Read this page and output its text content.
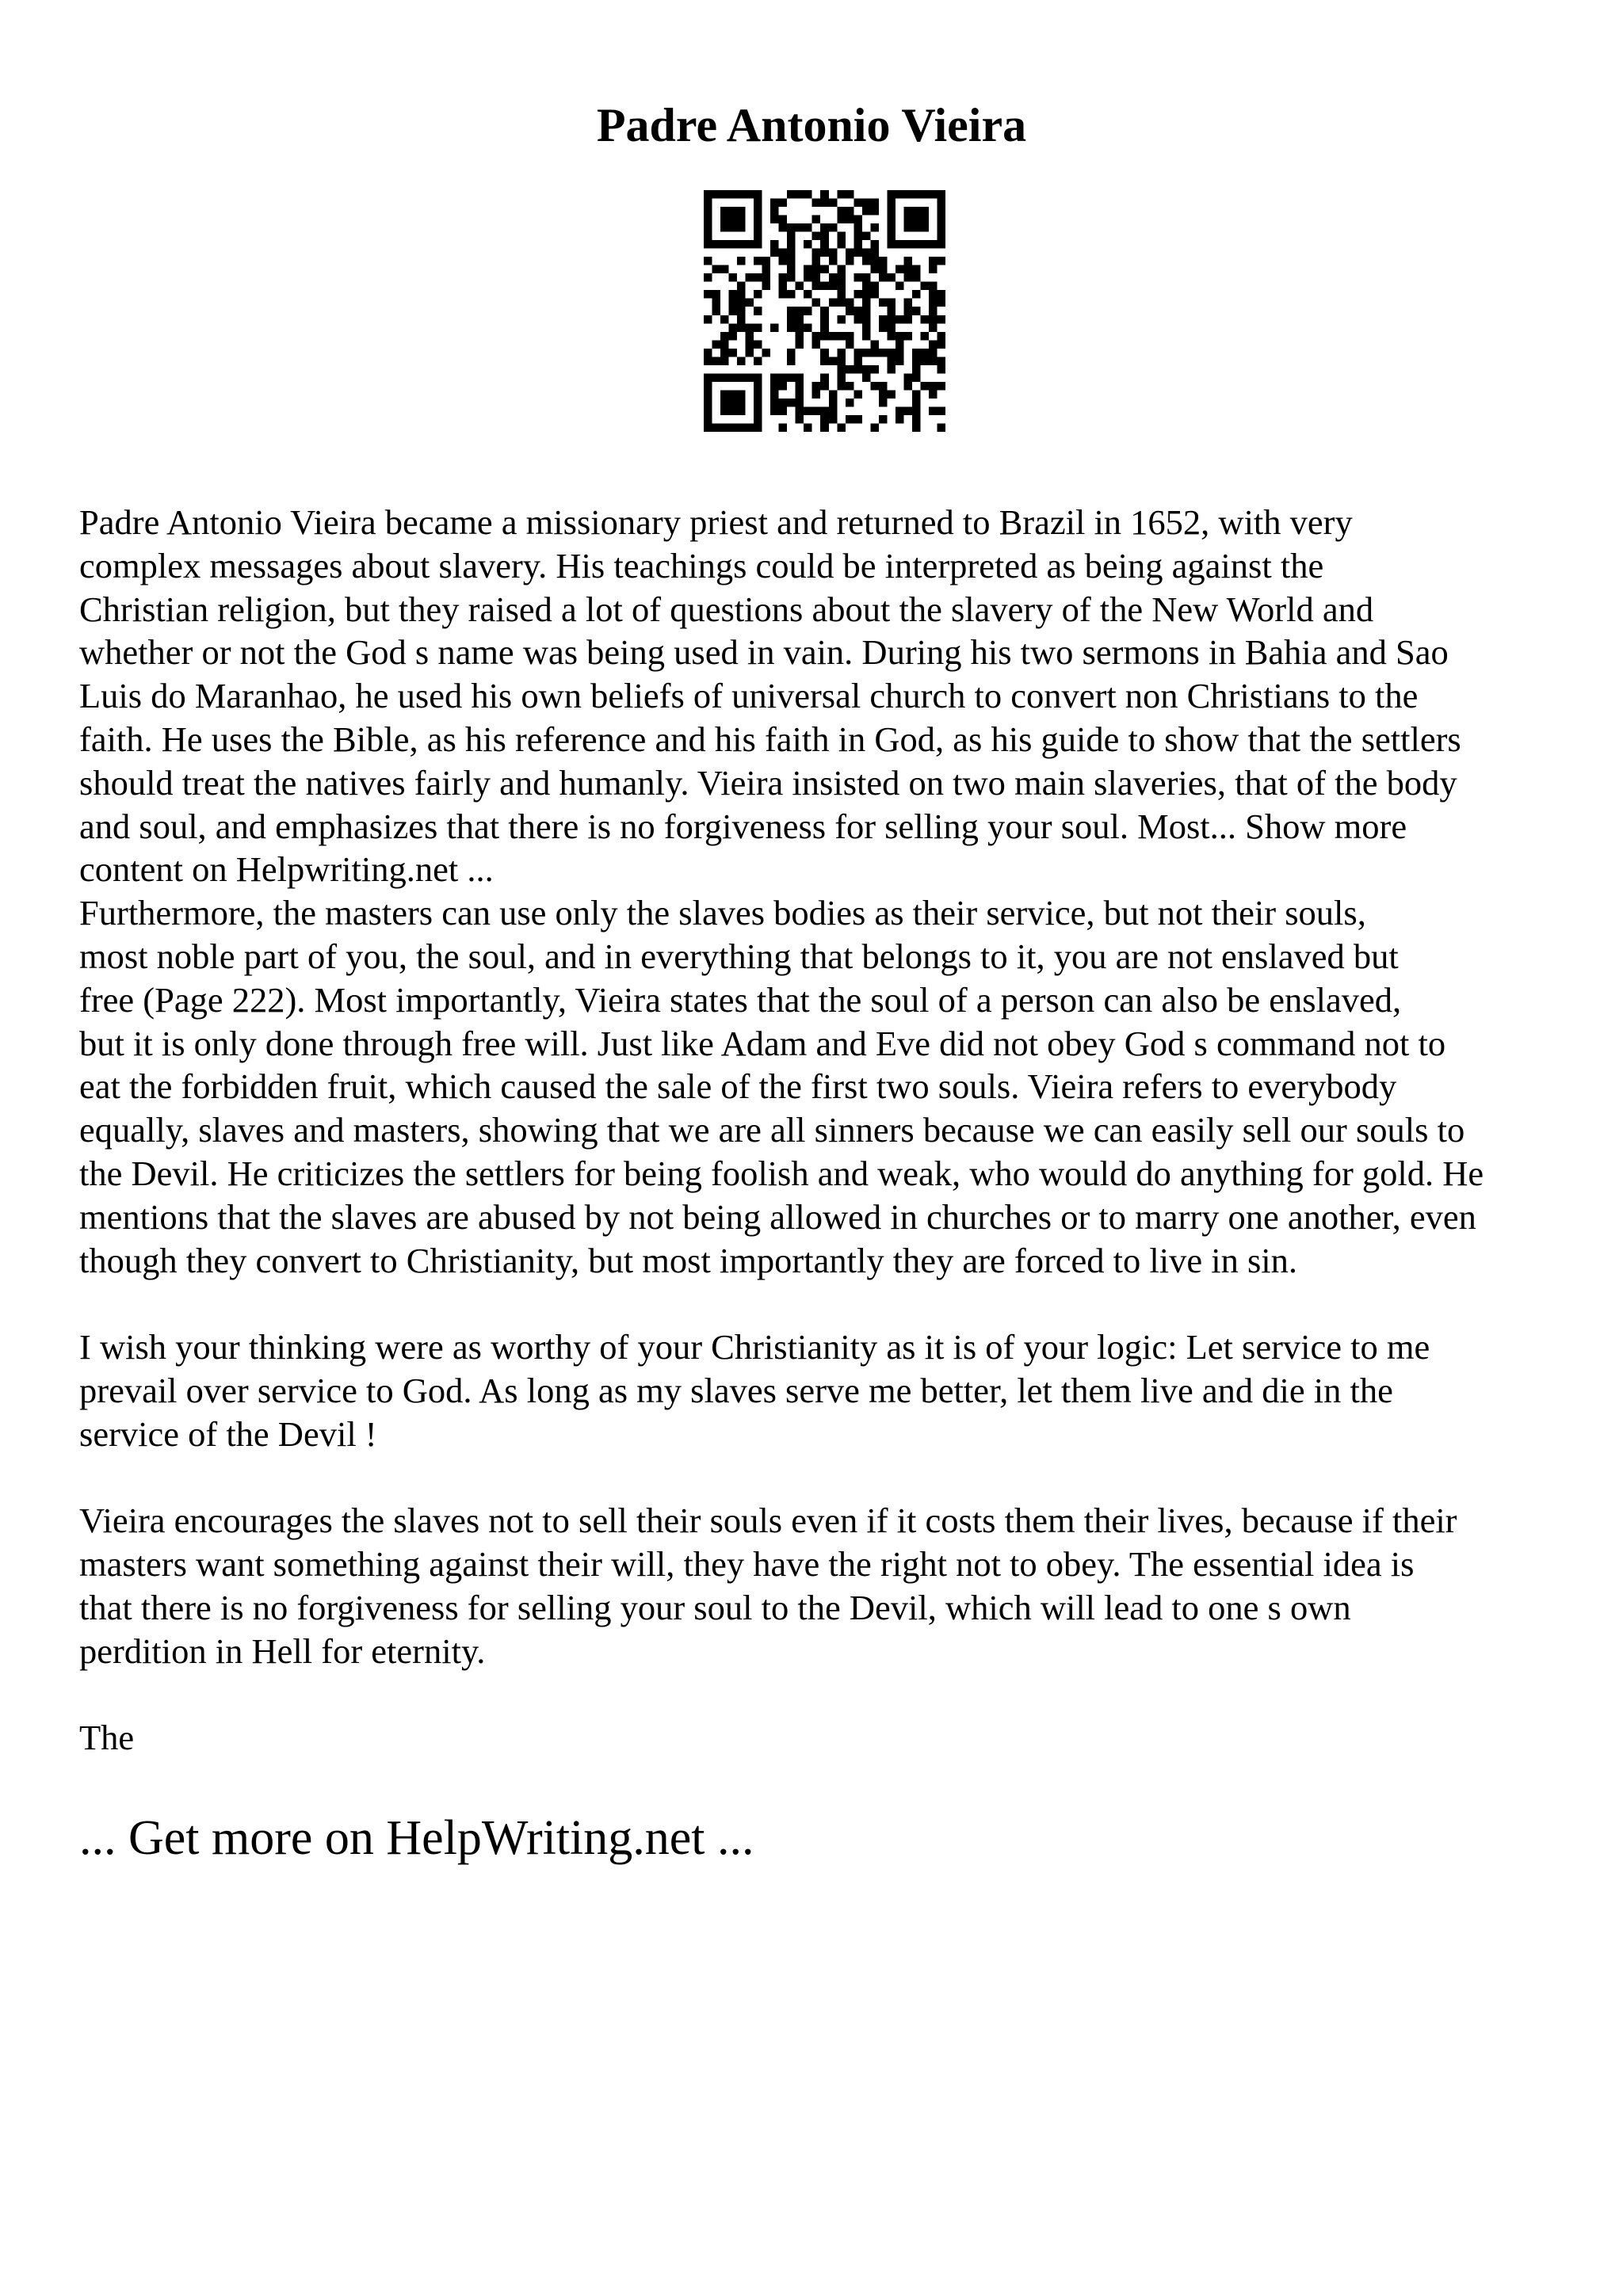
Padre Antonio Vieira
Padre Antonio Vieira became a missionary priest and returned to Brazil in 1652, with very
complex messages about slavery. His teachings could be interpreted as being against the
Christian religion, but they raised a lot of questions about the slavery of the New World and
whether or not the God s name was being used in vain. During his two sermons in Bahia and Sao
Luis do Maranhao, he used his own beliefs of universal church to convert non Christians to the
faith. He uses the Bible, as his reference and his faith in God, as his guide to show that the settlers
should treat the natives fairly and humanly. Vieira insisted on two main slaveries, that of the body
and soul, and emphasizes that there is no forgiveness for selling your soul. Most... Show more
content on Helpwriting.net ...
Furthermore, the masters can use only the slaves bodies as their service, but not their souls,
most noble part of you, the soul, and in everything that belongs to it, you are not enslaved but
free (Page 222). Most importantly, Vieira states that the soul of a person can also be enslaved,
but it is only done through free will. Just like Adam and Eve did not obey God s command not to
eat the forbidden fruit, which caused the sale of the first two souls. Vieira refers to everybody
equally, slaves and masters, showing that we are all sinners because we can easily sell our souls to
the Devil. He criticizes the settlers for being foolish and weak, who would do anything for gold. He
mentions that the slaves are abused by not being allowed in churches or to marry one another, even
though they convert to Christianity, but most importantly they are forced to live in sin.
I wish your thinking were as worthy of your Christianity as it is of your logic: Let service to me
prevail over service to God. As long as my slaves serve me better, let them live and die in the
service of the Devil !
Vieira encourages the slaves not to sell their souls even if it costs them their lives, because if their
masters want something against their will, they have the right not to obey. The essential idea is
that there is no forgiveness for selling your soul to the Devil, which will lead to one s own
perdition in Hell for eternity.
The
... Get more on HelpWriting.net ...
